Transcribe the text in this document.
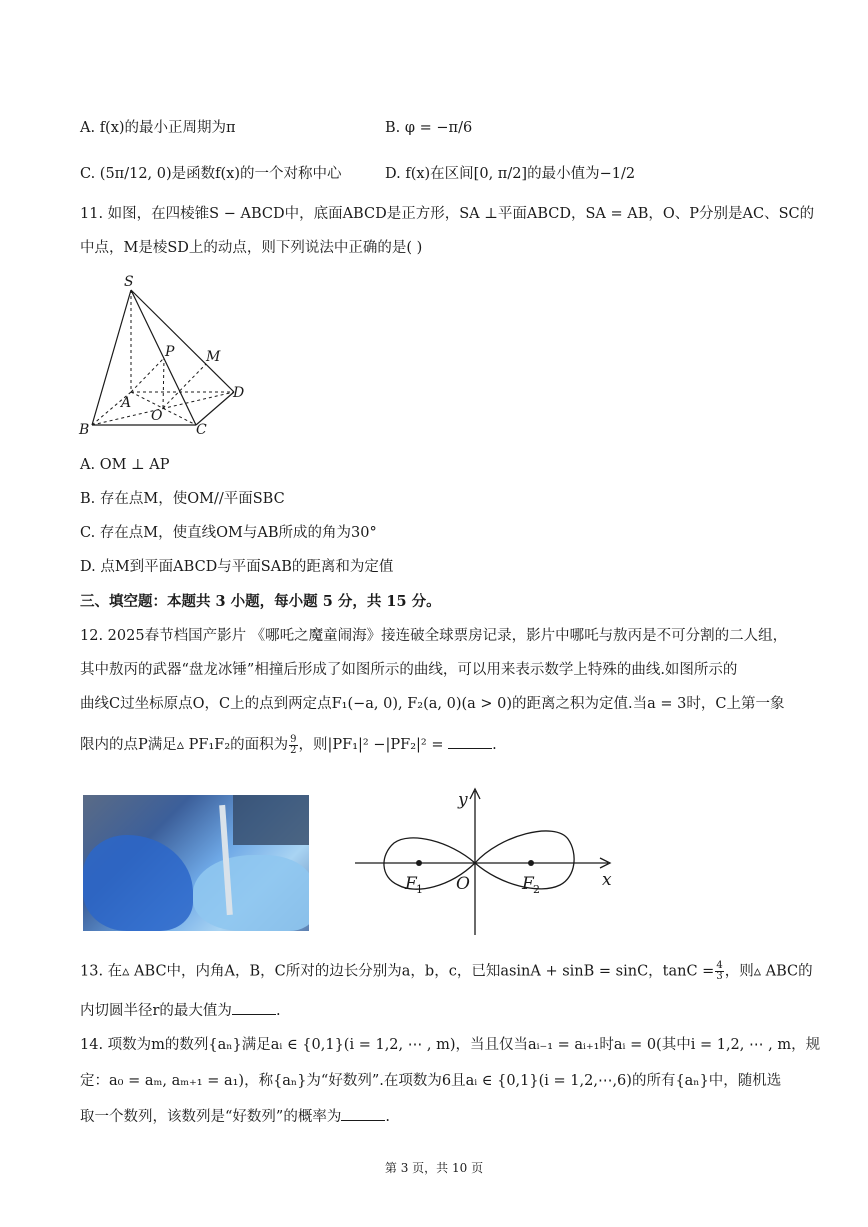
A. f(x)的最小正周期为π	B. φ = −π/6
C. (5π/12, 0)是函数f(x)的一个对称中心	D. f(x)在区间[0, π/2]的最小值为−1/2
11. 如图，在四棱锥S − ABCD中，底面ABCD是正方形，SA ⊥平面ABCD，SA = AB，O、P分别是AC、SC的
中点，M是棱SD上的动点，则下列说法中正确的是( )
S
P M
A
D
O
B	C
A. OM ⊥ AP
B. 存在点M，使OM//平面SBC
C. 存在点M，使直线OM与AB所成的角为30°
D. 点M到平面ABCD与平面SAB的距离和为定值
三、填空题：本题共 3 小题，每小题 5 分，共 15 分。
12. 2025春节档国产影片 《哪吒之魔童闹海》接连破全球票房记录，影片中哪吒与敖丙是不可分割的二人组，
其中敖丙的武器“盘龙冰锤”相撞后形成了如图所示的曲线，可以用来表示数学上特殊的曲线.如图所示的
曲线C过坐标原点O，C上的点到两定点F₁(−a, 0), F₂(a, 0)(a > 0)的距离之积为定值.当a = 3时，C上第一象
限内的点P满足▵ PF₁F₂的面积为 $\frac{9}{2}$ ，则|PF₁|² −|PF₂|² =	.
y
x
O
F 1	F 2
13. 在▵ ABC中，内角A，B，C所对的边长分别为a，b，c，已知asinA + sinB = sinC，$\tan C = \frac{4}{3}$ ，则▵ ABC的
内切圆半径r的最大值为	.
14. 项数为m的数列{aₙ}满足aᵢ ∈ {0,1}(i = 1,2, ⋯ , m)，当且仅当aᵢ₋₁ = aᵢ₊₁时aᵢ = 0(其中i = 1,2, ⋯ , m，规
定：a₀ = aₘ, aₘ₊₁ = a₁)，称{aₙ}为“好数列”.在项数为6且aᵢ ∈ {0,1}(i = 1,2,⋯,6)的所有{aₙ}中，随机选
取一个数列，该数列是“好数列”的概率为	.
第 3 页，共 10 页
